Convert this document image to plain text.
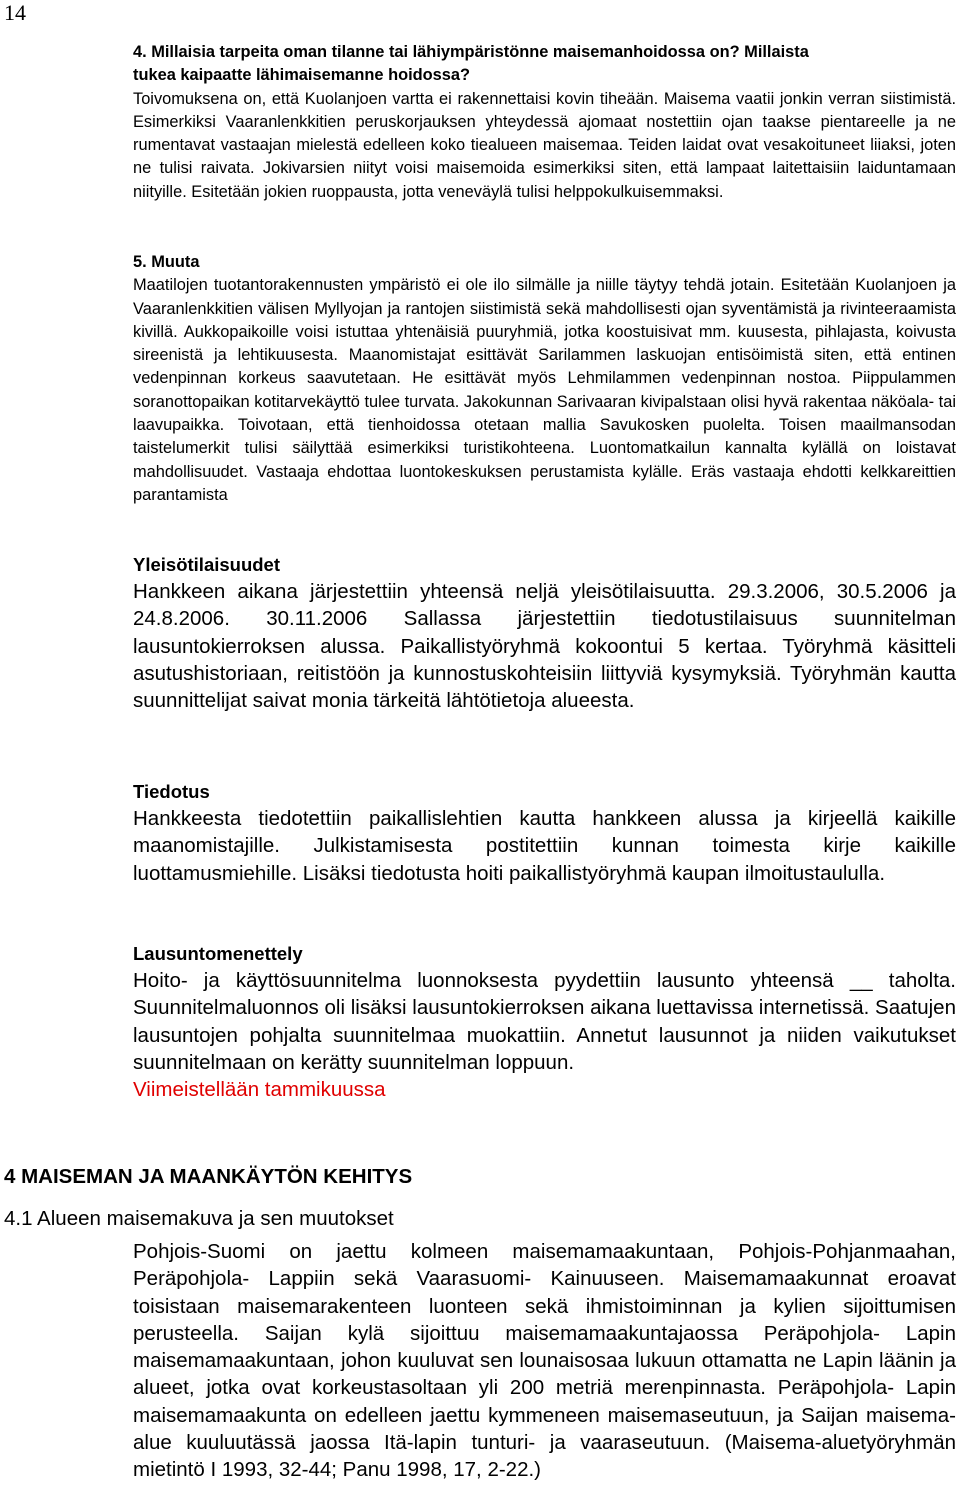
14

4. Millaisia tarpeita oman tilanne tai lähiympäristönne maisemanhoidossa on? Millaista
tukea kaipaatte lähimaisemanne hoidossa?

Toivomuksena on, että Kuolanjoen vartta ei rakennettaisi kovin tiheään. Maisema vaatii jonkin verran siistimistä. Esimerkiksi Vaaranlenkkitien peruskorjauksen yhteydessä ajomaat nostettiin ojan taakse pientareelle ja ne rumentavat vastaajan mielestä edelleen koko tiealueen maisemaa. Teiden laidat ovat vesakoituneet liiaksi, joten ne tulisi raivata. Jokivarsien niityt voisi maisemoida esimerkiksi siten, että lampaat laitettaisiin laiduntamaan niityille. Esitetään jokien ruoppausta, jotta veneväylä tulisi helppokulkuisemmaksi.

5. Muuta

Maatilojen tuotantorakennusten ympäristö ei ole ilo silmälle ja niille täytyy tehdä jotain. Esitetään Kuolanjoen ja Vaaranlenkkitien välisen Myllyojan ja rantojen siistimistä sekä mahdollisesti ojan syventämistä ja rivinteeraamista kivillä. Aukkopaikoille voisi istuttaa yhtenäisiä puuryhmiä, jotka koostuisivat mm. kuusesta, pihlajasta, koivusta sireenistä ja lehtikuusesta. Maanomistajat esittävät Sarilammen laskuojan entisöimistä siten, että entinen vedenpinnan korkeus saavutetaan. He esittävät myös Lehmilammen vedenpinnan nostoa. Piippulammen soranottopaikan kotitarvekäyttö tulee turvata. Jakokunnan Sarivaaran kivipalstaan olisi hyvä rakentaa näköala- tai laavupaikka. Toivotaan, että tienhoidossa otetaan mallia Savukosken puolelta. Toisen maailmansodan taistelumerkit tulisi säilyttää esimerkiksi turistikohteena. Luontomatkailun kannalta kylällä on loistavat mahdollisuudet. Vastaaja ehdottaa luontokeskuksen perustamista kylälle. Eräs vastaaja ehdotti kelkkareittien parantamista

Yleisötilaisuudet

Hankkeen aikana järjestettiin yhteensä neljä yleisötilaisuutta. 29.3.2006, 30.5.2006 ja 24.8.2006. 30.11.2006 Sallassa järjestettiin tiedotustilaisuus suunnitelman lausuntokierroksen alussa. Paikallistyöryhmä kokoontui 5 kertaa. Työryhmä käsitteli asutushistoriaan, reitistöön ja kunnostuskohteisiin liittyviä kysymyksiä. Työryhmän kautta suunnittelijat saivat monia tärkeitä lähtötietoja alueesta.

Tiedotus

Hankkeesta tiedotettiin paikallislehtien kautta hankkeen alussa ja kirjeellä kaikille maanomistajille. Julkistamisesta postitettiin kunnan toimesta kirje kaikille luottamusmiehille. Lisäksi tiedotusta hoiti paikallistyöryhmä kaupan ilmoitustaululla.

Lausuntomenettely

Hoito- ja käyttösuunnitelma luonnoksesta pyydettiin lausunto yhteensä __ taholta. Suunnitelmaluonnos oli lisäksi lausuntokierroksen aikana luettavissa internetissä. Saatujen lausuntojen pohjalta suunnitelmaa muokattiin. Annetut lausunnot ja niiden vaikutukset suunnitelmaan on kerätty suunnitelman loppuun.

Viimeistellään tammikuussa

4 MAISEMAN JA MAANKÄYTÖN KEHITYS
4.1 Alueen maisemakuva ja sen muutokset

Pohjois-Suomi on jaettu kolmeen maisemamaakuntaan, Pohjois-Pohjanmaahan, Peräpohjola- Lappiin sekä Vaarasuomi- Kainuuseen. Maisemamaakunnat eroavat toisistaan maisemarakenteen luonteen sekä ihmistoiminnan ja kylien sijoittumisen perusteella. Saijan kylä sijoittuu maisemamaakuntajaossa Peräpohjola- Lapin maisemamaakuntaan, johon kuuluvat sen lounaisosaa lukuun ottamatta ne Lapin läänin ja alueet, jotka ovat korkeustasoltaan yli 200 metriä merenpinnasta. Peräpohjola- Lapin maisemamaakunta on edelleen jaettu kymmeneen maisemaseutuun, ja Saijan maisema-alue kuuluutässä jaossa Itä-lapin tunturi- ja vaaraseutuun. (Maisema-aluetyöryhmän mietintö I 1993, 32-44; Panu 1998, 17, 2-22.)
